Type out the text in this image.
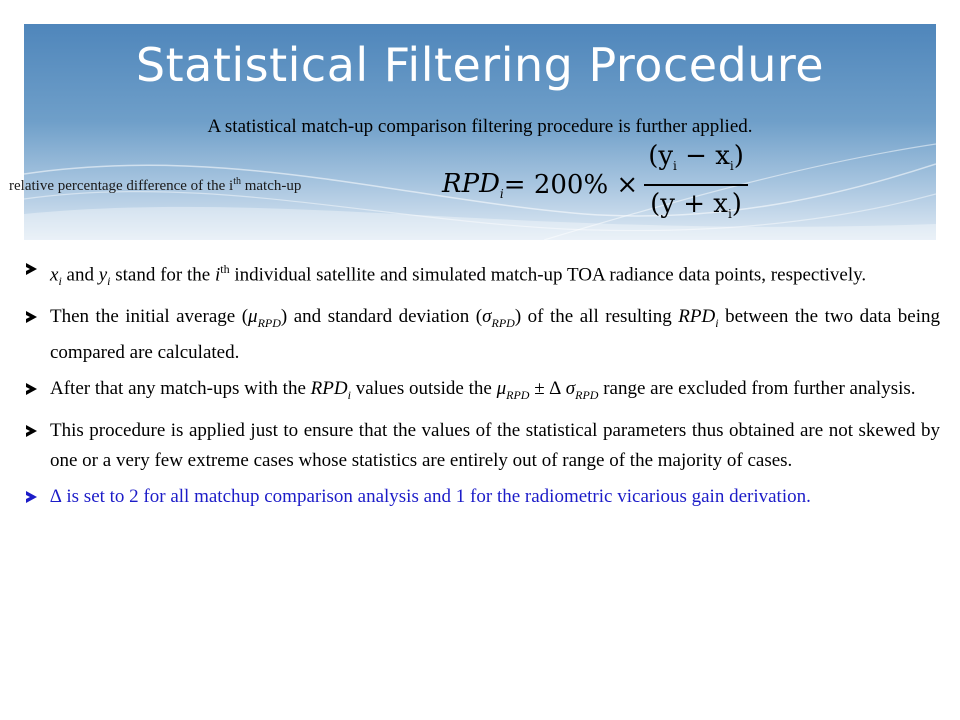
Statistical Filtering Procedure
A statistical match-up comparison filtering procedure is further applied.
relative percentage difference of the $i^{th}$ match-up	$RPD_i = 200\% \times \frac{(y_i - x_i)}{(y + x_i)}$
$x_i$ and $y_i$ stand for the $i^{th}$ individual satellite and simulated match-up TOA radiance data points, respectively.
Then the initial average $(\mu_{RPD})$ and standard deviation $(\sigma_{RPD})$ of the all resulting $RPD_i$ between the two data being compared are calculated.
After that any match-ups with the $RPD_i$ values outside the $\mu_{RPD}$ ± ∆ $\sigma_{RPD}$ range are excluded from further analysis.
This procedure is applied just to ensure that the values of the statistical parameters thus obtained are not skewed by one or a very few extreme cases whose statistics are entirely out of range of the majority of cases.
∆ is set to 2 for all matchup comparison analysis and 1 for the radiometric vicarious gain derivation.
